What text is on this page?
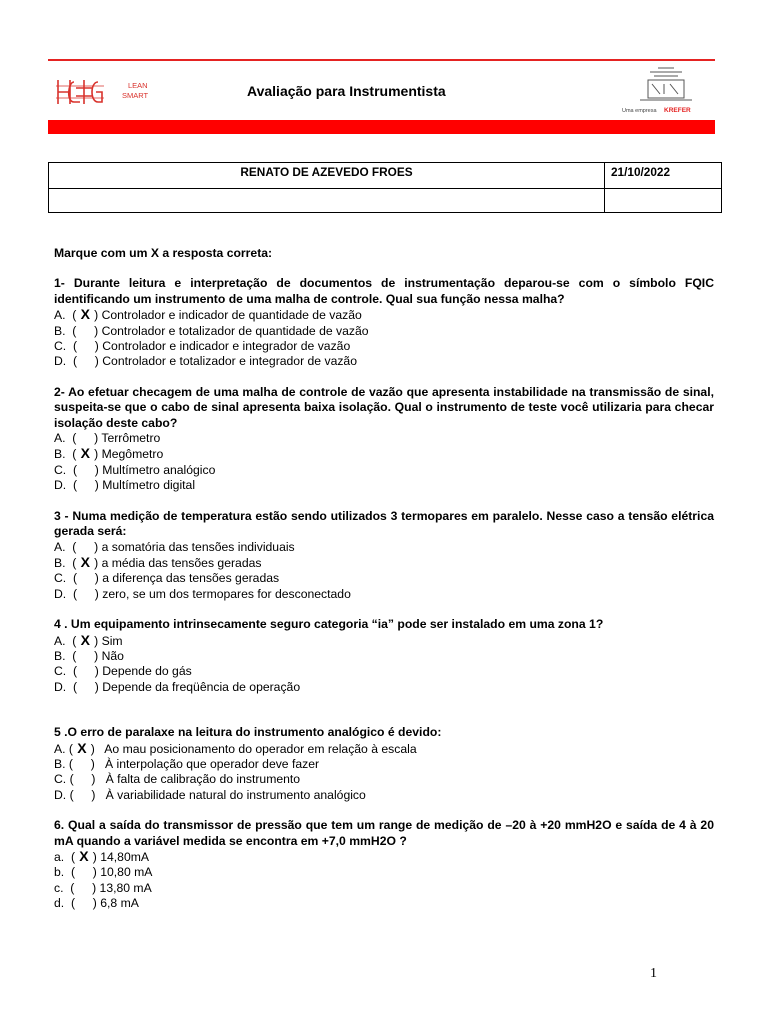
LEAN
SMART	Avaliação para Instrumentista
Uma empresa KREFER
RENATO DE AZEVEDO FROES	21/10/2022

Marque com um X a resposta correta:
1- Durante leitura e interpretação de documentos de instrumentação deparou-se com o símbolo FQIC identificando um instrumento de uma malha de controle. Qual sua função nessa malha?
A.  ( X ) Controlador e indicador de quantidade de vazão
B.  (  ) Controlador e totalizador de quantidade de vazão
C.  (  ) Controlador e indicador e integrador de vazão
D.  (  ) Controlador e totalizador e integrador de vazão
2- Ao efetuar checagem de uma malha de controle de vazão que apresenta instabilidade na transmissão de sinal, suspeita-se que o cabo de sinal apresenta baixa isolação. Qual o instrumento de teste você utilizaria para checar isolação deste cabo?
A.  (  ) Terrômetro
B.  ( X ) Megômetro
C.  (  ) Multímetro analógico
D.  (  ) Multímetro digital
3 - Numa medição de temperatura estão sendo utilizados 3 termopares em paralelo. Nesse caso a tensão elétrica gerada será:
A.  (  ) a somatória das tensões individuais
B.  ( X ) a média das tensões geradas
C.  (  ) a diferença das tensões geradas
D.  (  ) zero, se um dos termopares for desconectado
4 . Um equipamento intrinsecamente seguro categoria “ia” pode ser instalado em uma zona 1?
A.  ( X ) Sim
B.  (  ) Não
C.  (  ) Depende do gás
D.  (  ) Depende da freqüência de operação
5 .O erro de paralaxe na leitura do instrumento analógico é devido:
A. ( X )   Ao mau posicionamento do operador em relação à escala
B. (  )   À interpolação que operador deve fazer
C. (  )   À falta de calibração do instrumento
D. (  )   À variabilidade natural do instrumento analógico
6. Qual a saída do transmissor de pressão que tem um range de medição de –20 à +20 mmH2O e saída de 4 à 20 mA quando a variável medida se encontra em +7,0 mmH2O ?
a.  ( X ) 14,80mA
b.  (  ) 10,80 mA
c.  (  ) 13,80 mA
d.  (  ) 6,8 mA
1
